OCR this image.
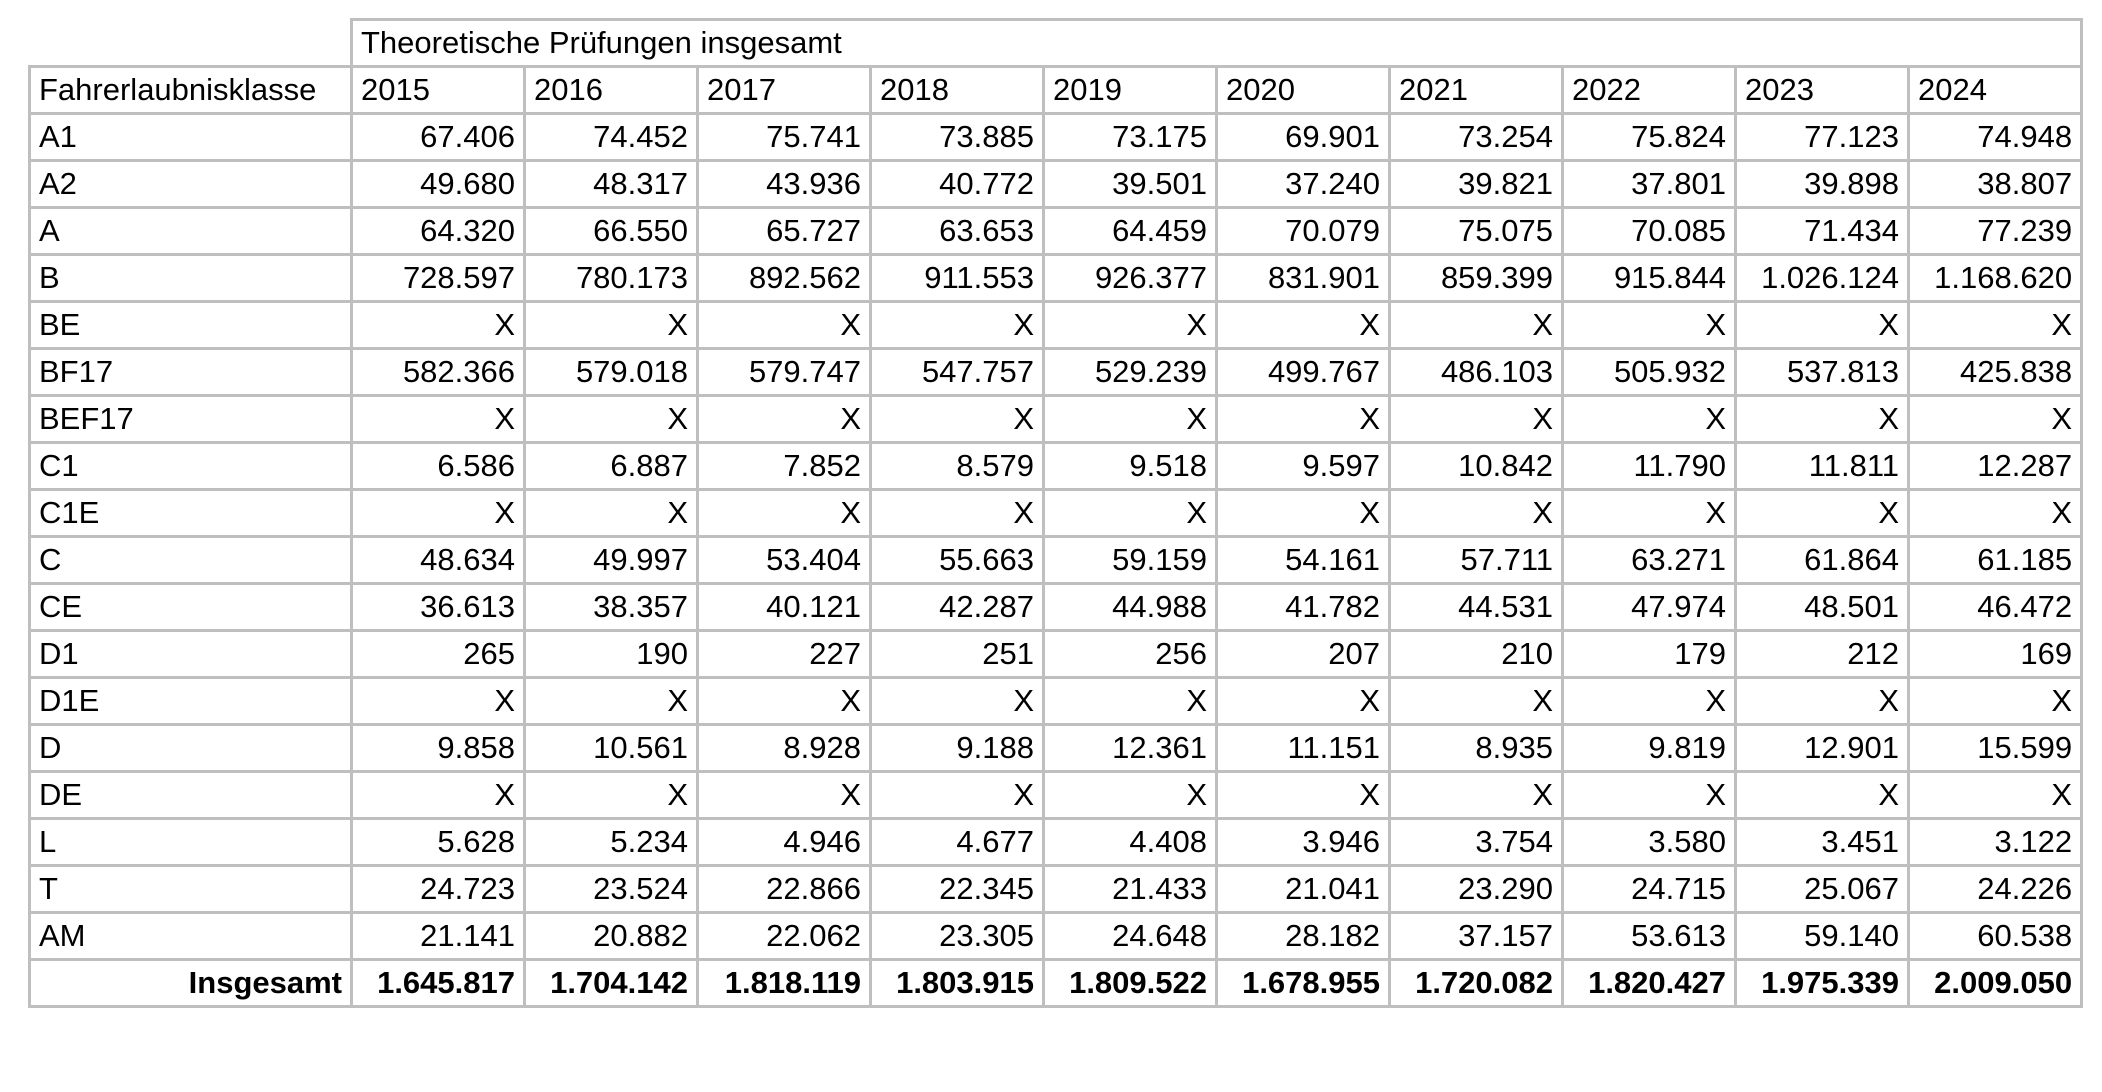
	Theoretische Prüfungen insgesamt									
Fahrerlaubnisklasse	2015	2016	2017	2018	2019	2020	2021	2022	2023	2024
A1	67.406	74.452	75.741	73.885	73.175	69.901	73.254	75.824	77.123	74.948
A2	49.680	48.317	43.936	40.772	39.501	37.240	39.821	37.801	39.898	38.807
A	64.320	66.550	65.727	63.653	64.459	70.079	75.075	70.085	71.434	77.239
B	728.597	780.173	892.562	911.553	926.377	831.901	859.399	915.844	1.026.124	1.168.620
BE	X	X	X	X	X	X	X	X	X	X
BF17	582.366	579.018	579.747	547.757	529.239	499.767	486.103	505.932	537.813	425.838
BEF17	X	X	X	X	X	X	X	X	X	X
C1	6.586	6.887	7.852	8.579	9.518	9.597	10.842	11.790	11.811	12.287
C1E	X	X	X	X	X	X	X	X	X	X
C	48.634	49.997	53.404	55.663	59.159	54.161	57.711	63.271	61.864	61.185
CE	36.613	38.357	40.121	42.287	44.988	41.782	44.531	47.974	48.501	46.472
D1	265	190	227	251	256	207	210	179	212	169
D1E	X	X	X	X	X	X	X	X	X	X
D	9.858	10.561	8.928	9.188	12.361	11.151	8.935	9.819	12.901	15.599
DE	X	X	X	X	X	X	X	X	X	X
L	5.628	5.234	4.946	4.677	4.408	3.946	3.754	3.580	3.451	3.122
T	24.723	23.524	22.866	22.345	21.433	21.041	23.290	24.715	25.067	24.226
AM	21.141	20.882	22.062	23.305	24.648	28.182	37.157	53.613	59.140	60.538
Insgesamt	1.645.817	1.704.142	1.818.119	1.803.915	1.809.522	1.678.955	1.720.082	1.820.427	1.975.339	2.009.050
